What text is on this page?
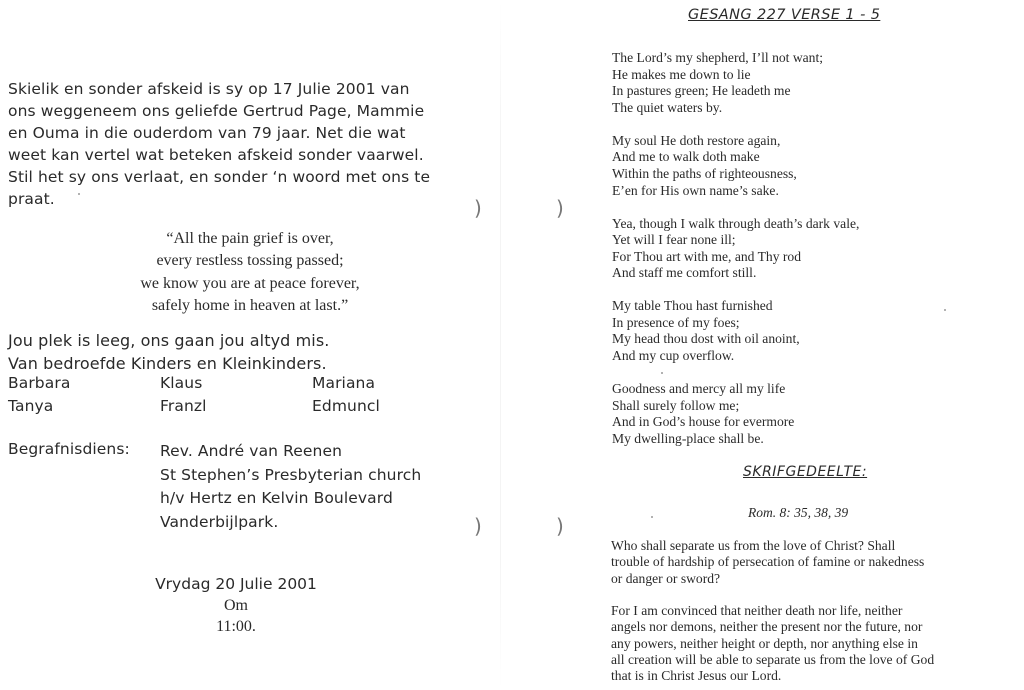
Skielik en sonder afskeid is sy op 17 Julie 2001 van
ons weggeneem ons geliefde Gertrud Page, Mammie
en Ouma in die ouderdom van 79 jaar. Net die wat
weet kan vertel wat beteken afskeid sonder vaarwel.
Stil het sy ons verlaat, en sonder ‘n woord met ons te
praat.
“All the pain grief is over,
every restless tossing passed;
we know you are at peace forever,
safely home in heaven at last.”
Jou plek is leeg, ons gaan jou altyd mis.
Van bedroefde Kinders en Kleinkinders.
Barbara	Klaus	Mariana
Tanya	Franzl	Edmuncl
Begrafnisdiens: Rev. André van Reenen
St Stephen’s Presbyterian church
h/v Hertz en Kelvin Boulevard
Vanderbijlpark.
Vrydag 20 Julie 2001
Om
11:00.
)	)
)	)
GESANG 227 VERSE 1 - 5
The Lord’s my shepherd, I’ll not want;
He makes me down to lie
In pastures green; He leadeth me
The quiet waters by.
My soul He doth restore again,
And me to walk doth make
Within the paths of righteousness,
E’en for His own name’s sake.
Yea, though I walk through death’s dark vale,
Yet will I fear none ill;
For Thou art with me, and Thy rod
And staff me comfort still.
My table Thou hast furnished
In presence of my foes;
My head thou dost with oil anoint,
And my cup overflow.
Goodness and mercy all my life
Shall surely follow me;
And in God’s house for evermore
My dwelling-place shall be.
SKRIFGEDEELTE:
Rom. 8: 35, 38, 39
Who shall separate us from the love of Christ? Shall
trouble of hardship of persecation of famine or nakedness
or danger or sword?
For I am convinced that neither death nor life, neither
angels nor demons, neither the present nor the future, nor
any powers, neither height or depth, nor anything else in
all creation will be able to separate us from the love of God
that is in Christ Jesus our Lord.
